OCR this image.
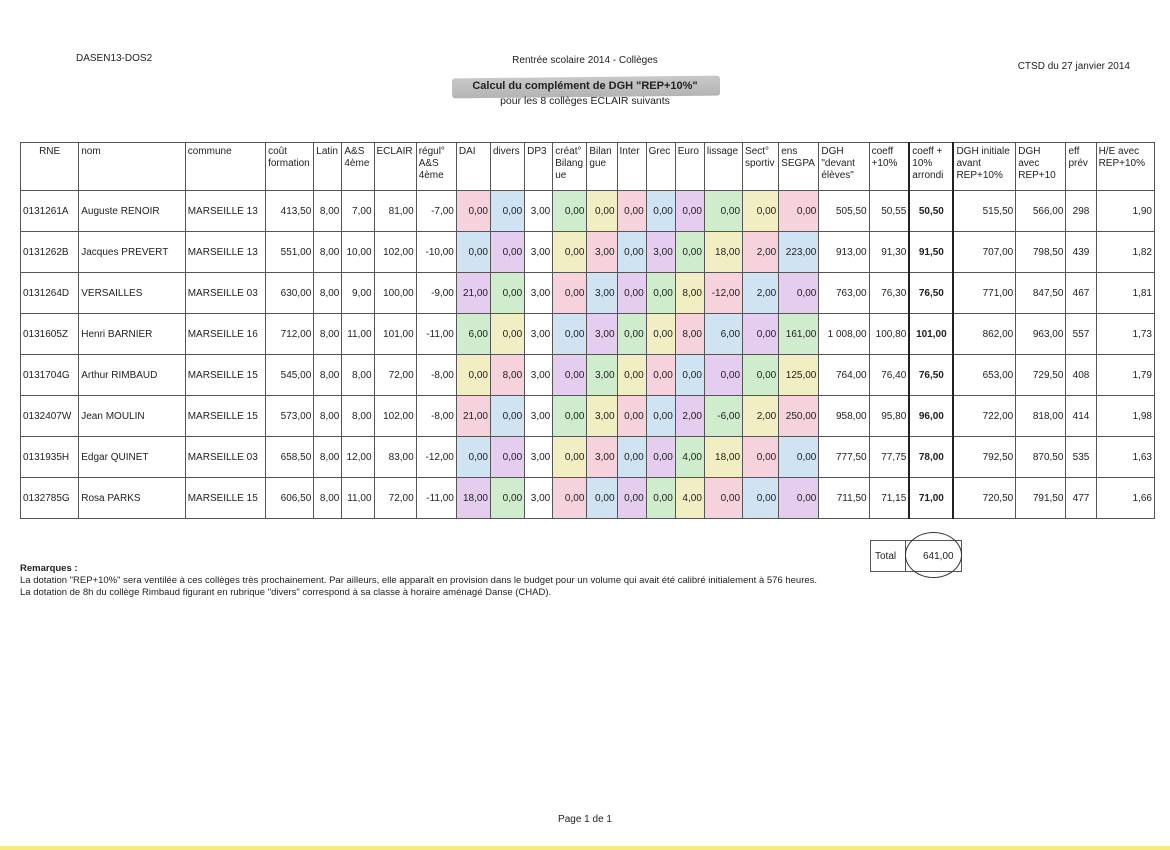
DASEN13-DOS2	Rentrée scolaire 2014 - Collèges
CTSD du 27 janvier 2014
Calcul du complément de DGH "REP+10%"
pour les 8 collèges ECLAIR suivants
RNE	nom	commune	coût formation	Latin	A&S 4ème	ECLAIR	régul° A&S 4ème	DAI	divers	DP3	créat° Bilang ue	Bilan gue	Inter	Grec	Euro	lissage	Sect° sportiv	ens SEGPA	DGH "devant élèves"	coeff +10%	coeff + 10% arrondi	DGH initiale avant REP+10%	DGH avec REP+10	eff prév	H/E avec REP+10%
0131261A	Auguste RENOIR	MARSEILLE 13	413,50	8,00	7,00	81,00	-7,00	0,00	0,00	3,00	0,00	0,00	0,00	0,00	0,00	0,00	0,00	0,00	505,50	50,55	50,50	515,50	566,00	298	1,90
0131262B	Jacques PREVERT	MARSEILLE 13	551,00	8,00	10,00	102,00	-10,00	0,00	0,00	3,00	0,00	3,00	0,00	3,00	0,00	18,00	2,00	223,00	913,00	91,30	91,50	707,00	798,50	439	1,82
0131264D	VERSAILLES	MARSEILLE 03	630,00	8,00	9,00	100,00	-9,00	21,00	0,00	3,00	0,00	3,00	0,00	0,00	8,00	-12,00	2,00	0,00	763,00	76,30	76,50	771,00	847,50	467	1,81
0131605Z	Henri BARNIER	MARSEILLE 16	712,00	8,00	11,00	101,00	-11,00	6,00	0,00	3,00	0,00	3,00	0,00	0,00	8,00	6,00	0,00	161,00	1 008,00	100,80	101,00	862,00	963,00	557	1,73
0131704G	Arthur RIMBAUD	MARSEILLE 15	545,00	8,00	8,00	72,00	-8,00	0,00	8,00	3,00	0,00	3,00	0,00	0,00	0,00	0,00	0,00	125,00	764,00	76,40	76,50	653,00	729,50	408	1,79
0132407W	Jean MOULIN	MARSEILLE 15	573,00	8,00	8,00	102,00	-8,00	21,00	0,00	3,00	0,00	3,00	0,00	0,00	2,00	-6,00	2,00	250,00	958,00	95,80	96,00	722,00	818,00	414	1,98
0131935H	Edgar QUINET	MARSEILLE 03	658,50	8,00	12,00	83,00	-12,00	0,00	0,00	3,00	0,00	3,00	0,00	0,00	4,00	18,00	0,00	0,00	777,50	77,75	78,00	792,50	870,50	535	1,63
0132785G	Rosa PARKS	MARSEILLE 15	606,50	8,00	11,00	72,00	-11,00	18,00	0,00	3,00	0,00	0,00	0,00	0,00	4,00	0,00	0,00	0,00	711,50	71,15	71,00	720,50	791,50	477	1,66
Total	641,00
Remarques :
La dotation "REP+10%" sera ventilée à ces collèges très prochainement. Par ailleurs, elle apparaît en provision dans le budget pour un volume qui avait été calibré initialement à 576 heures.
La dotation de 8h du collège Rimbaud figurant en rubrique "divers" correspond à sa classe à horaire aménagé Danse (CHAD).
Page 1 de 1
